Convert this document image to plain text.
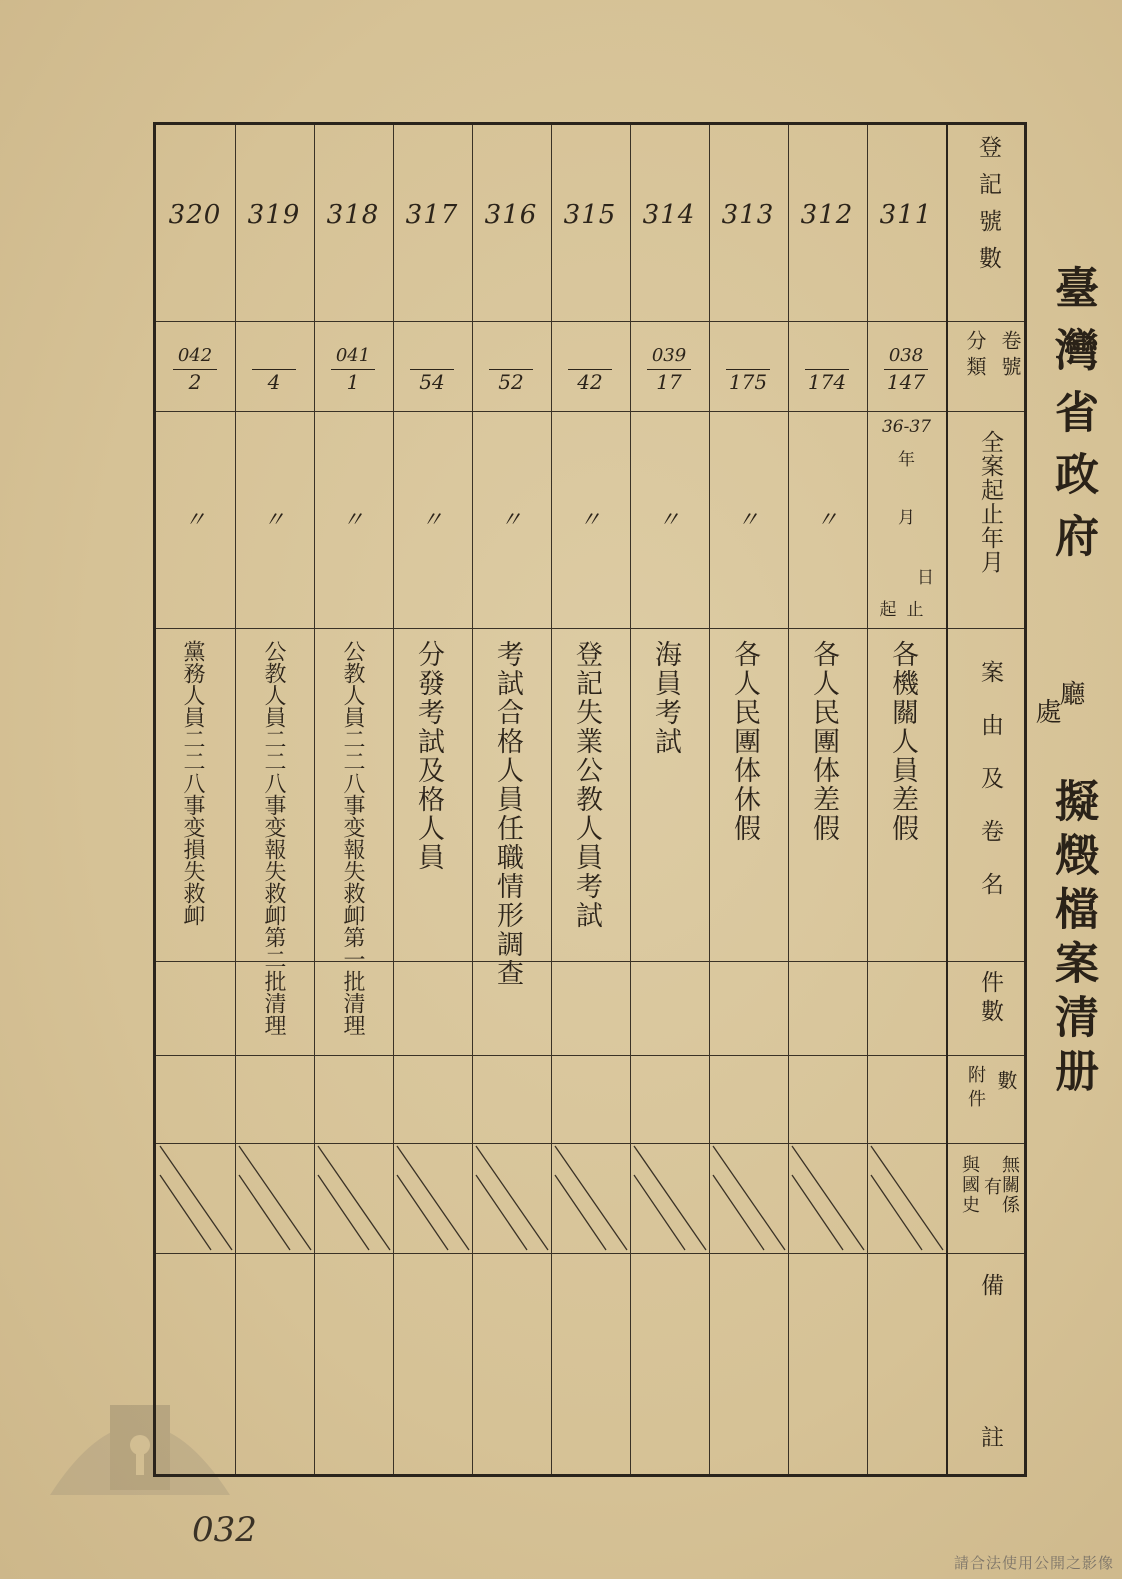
臺灣省政府
廳
處
擬燬檔案清册
登記號數
卷號
分類
全案起止年月
案由及卷名
件數
數
附件
無關係
有
與國史
備
註
311
038
147
36-37
年
月
日
起止
各機關人員差假
312
174
〃
各人民團体差假
313
175
〃
各人民團体休假
314
039
17
〃
海員考試
315
42
〃
登記失業公教人員考試
316
52
〃
考試合格人員任職情形調查
317
54
〃
分發考試及格人員
318
041
1
〃
公教人員二二八事变報失救卹第一批清理
319
4
〃
公教人員二二八事变報失救卹第二批清理
320
042
2
〃
黨務人員二二八事变損失救卹
032
請合法使用公開之影像
